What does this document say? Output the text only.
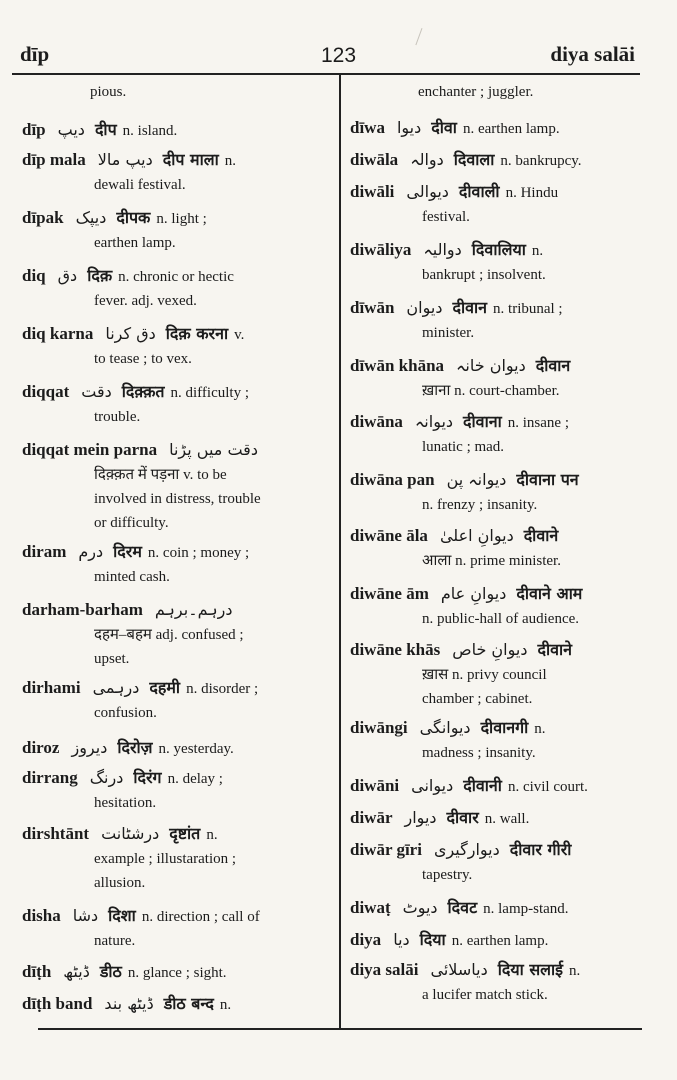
dīp	123	diya salāi
pious.
dīp دیپ दीप n. island.
dīp mala دیپ مالا दीप माला n.
dewali festival.
dīpak دیپک दीपक n. light ;
earthen lamp.
diq دق दिक़ n. chronic or hectic
fever. adj. vexed.
diq karna دق کرنا दिक़ करना v.
to tease ; to vex.
diqqat دقت दिक़्क़त n. difficulty ;
trouble.
diqqat mein parna دقت میں پڑنا
दिक़्क़त में पड़ना v. to be
involved in distress, trouble
or difficulty.
diram درم दिरम n. coin ; money ;
minted cash.
darham-barham درہم۔برہم
दहम–बहम adj. confused ;
upset.
dirhami درہمی दहमी n. disorder ;
confusion.
diroz دیروز दिरोज़ n. yesterday.
dirrang درنگ दिरंग n. delay ;
hesitation.
dirshtānt درشٹانت दृष्टांत n.
example ; illustaration ;
allusion.
disha دشا दिशा n. direction ; call of
nature.
dīṭh ڈیٹھ डीठ n. glance ; sight.
dīṭh band ڈیٹھ بند डीठ बन्द n.
enchanter ; juggler.
dīwa دیوا दीवा n. earthen lamp.
diwāla دوالہ दिवाला n. bankrupcy.
diwāli دیوالی दीवाली n. Hindu
festival.
diwāliya دوالیہ दिवालिया n.
bankrupt ; insolvent.
dīwān دیوان दीवान n. tribunal ;
minister.
dīwān khāna دیوان خانہ दीवान
ख़ाना n. court-chamber.
diwāna دیوانہ दीवाना n. insane ;
lunatic ; mad.
diwāna pan دیوانہ پن दीवाना पन
n. frenzy ; insanity.
diwāne āla دیوانِ اعلیٰ दीवाने
आला n. prime minister.
diwāne ām دیوانِ عام दीवाने आम
n. public-hall of audience.
diwāne khās دیوانِ خاص दीवाने
ख़ास n. privy council
chamber ; cabinet.
diwāngi دیوانگی दीवानगी n.
madness ; insanity.
diwāni دیوانی दीवानी n. civil court.
diwār دیوار दीवार n. wall.
diwār gīri دیوارگیری दीवार गीरी
tapestry.
diwaṭ دیوٹ दिवट n. lamp-stand.
diya دیا दिया n. earthen lamp.
diya salāi دیاسلائی दिया सलाई n.
a lucifer match stick.
